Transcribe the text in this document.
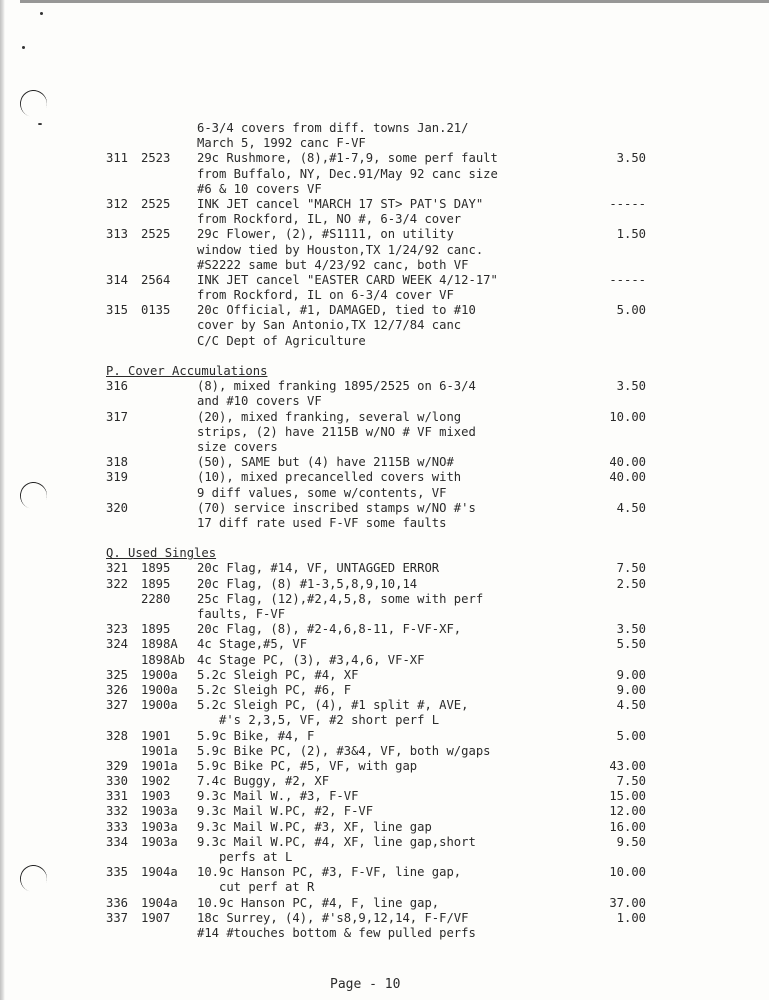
6-3/4 covers from diff. towns Jan.21/
March 5, 1992 canc F-VF
311 2523 29c Rushmore, (8),#1-7,9, some perf fault	3.50
from Buffalo, NY, Dec.91/May 92 canc size
#6 & 10 covers VF
312 2525 INK JET cancel "MARCH 17 ST> PAT'S DAY"	-----
from Rockford, IL, NO #, 6-3/4 cover
313 2525 29c Flower, (2), #S1111, on utility	1.50
window tied by Houston,TX 1/24/92 canc.
#S2222 same but 4/23/92 canc, both VF
314 2564 INK JET cancel "EASTER CARD WEEK 4/12-17"	-----
from Rockford, IL on 6-3/4 cover VF
315 0135 20c Official, #1, DAMAGED, tied to #10	5.00
cover by San Antonio,TX 12/7/84 canc
C/C Dept of Agriculture
P. Cover Accumulations
316	(8), mixed franking 1895/2525 on 6-3/4	3.50
and #10 covers VF
317	(20), mixed franking, several w/long	10.00
strips, (2) have 2115B w/NO # VF mixed
size covers
318	(50), SAME but (4) have 2115B w/NO#	40.00
319	(10), mixed precancelled covers with	40.00
9 diff values, some w/contents, VF
320	(70) service inscribed stamps w/NO #'s	4.50
17 diff rate used F-VF some faults
Q. Used Singles
321 1895 20c Flag, #14, VF, UNTAGGED ERROR	7.50
322 1895 20c Flag, (8) #1-3,5,8,9,10,14	2.50
2280 25c Flag, (12),#2,4,5,8, some with perf
faults, F-VF
323 1895 20c Flag, (8), #2-4,6,8-11, F-VF-XF,	3.50
324 1898A 4c Stage,#5, VF	5.50
1898Ab 4c Stage PC, (3), #3,4,6, VF-XF
325 1900a 5.2c Sleigh PC, #4, XF	9.00
326 1900a 5.2c Sleigh PC, #6, F	9.00
327 1900a 5.2c Sleigh PC, (4), #1 split #, AVE,	4.50
#'s 2,3,5, VF, #2 short perf L
328 1901 5.9c Bike, #4, F	5.00
1901a 5.9c Bike PC, (2), #3&4, VF, both w/gaps
329 1901a 5.9c Bike PC, #5, VF, with gap	43.00
330 1902 7.4c Buggy, #2, XF	7.50
331 1903 9.3c Mail W., #3, F-VF	15.00
332 1903a 9.3c Mail W.PC, #2, F-VF	12.00
333 1903a 9.3c Mail W.PC, #3, XF, line gap	16.00
334 1903a 9.3c Mail W.PC, #4, XF, line gap,short	9.50
perfs at L
335 1904a 10.9c Hanson PC, #3, F-VF, line gap,	10.00
cut perf at R
336 1904a 10.9c Hanson PC, #4, F, line gap,	37.00
337 1907 18c Surrey, (4), #'s8,9,12,14, F-F/VF	1.00
#14 #touches bottom & few pulled perfs
Page - 10
